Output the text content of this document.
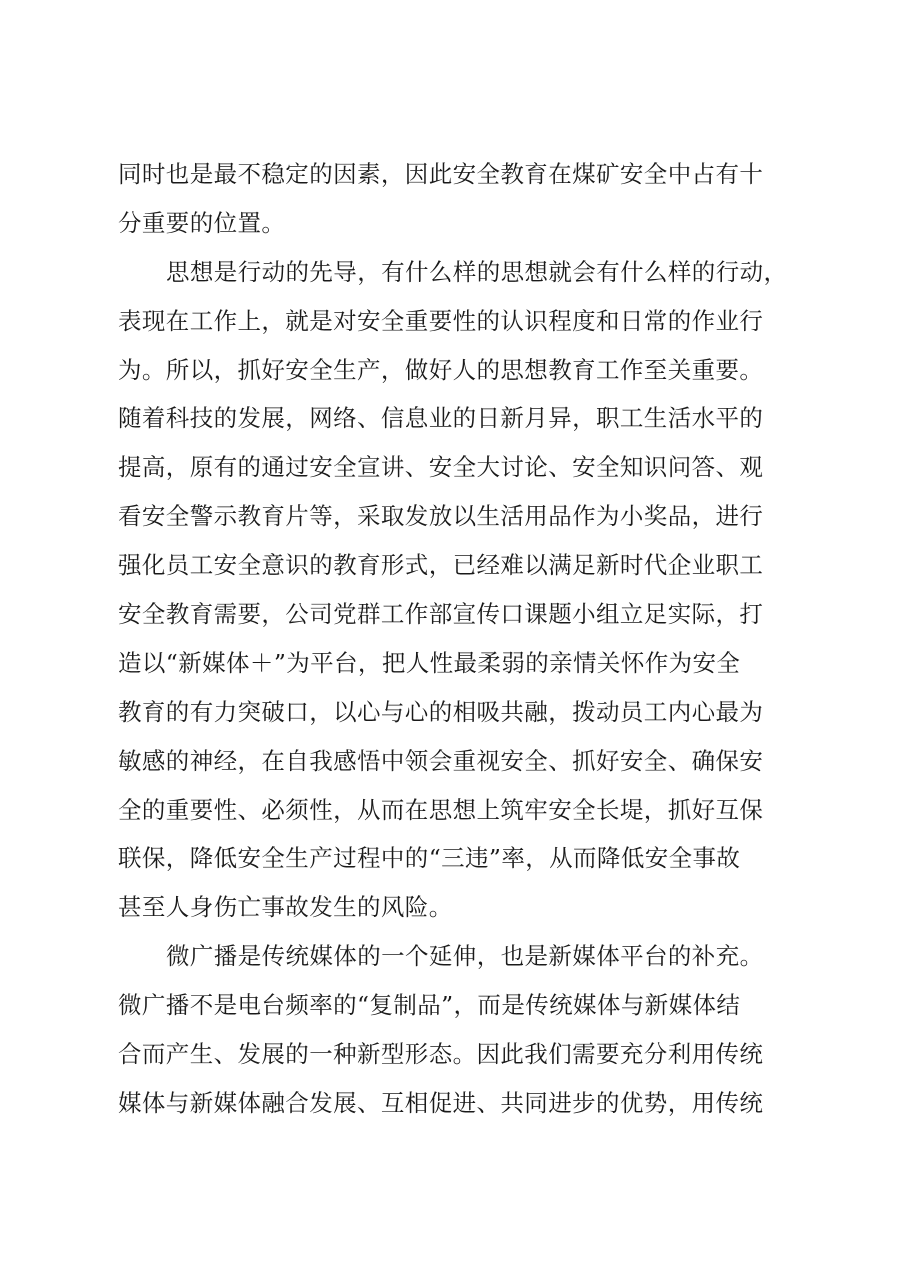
同时也是最不稳定的因素，因此安全教育在煤矿安全中占有十
分重要的位置。
思想是行动的先导，有什么样的思想就会有什么样的行动，
表现在工作上，就是对安全重要性的认识程度和日常的作业行
为。所以，抓好安全生产，做好人的思想教育工作至关重要。
随着科技的发展，网络、信息业的日新月异，职工生活水平的
提高，原有的通过安全宣讲、安全大讨论、安全知识问答、观
看安全警示教育片等，采取发放以生活用品作为小奖品，进行
强化员工安全意识的教育形式，已经难以满足新时代企业职工
安全教育需要，公司党群工作部宣传口课题小组立足实际，打
造以“新媒体＋”为平台，把人性最柔弱的亲情关怀作为安全
教育的有力突破口，以心与心的相吸共融，拨动员工内心最为
敏感的神经，在自我感悟中领会重视安全、抓好安全、确保安
全的重要性、必须性，从而在思想上筑牢安全长堤，抓好互保
联保，降低安全生产过程中的“三违”率，从而降低安全事故
甚至人身伤亡事故发生的风险。
微广播是传统媒体的一个延伸，也是新媒体平台的补充。
微广播不是电台频率的“复制品”，而是传统媒体与新媒体结
合而产生、发展的一种新型形态。因此我们需要充分利用传统
媒体与新媒体融合发展、互相促进、共同进步的优势，用传统
